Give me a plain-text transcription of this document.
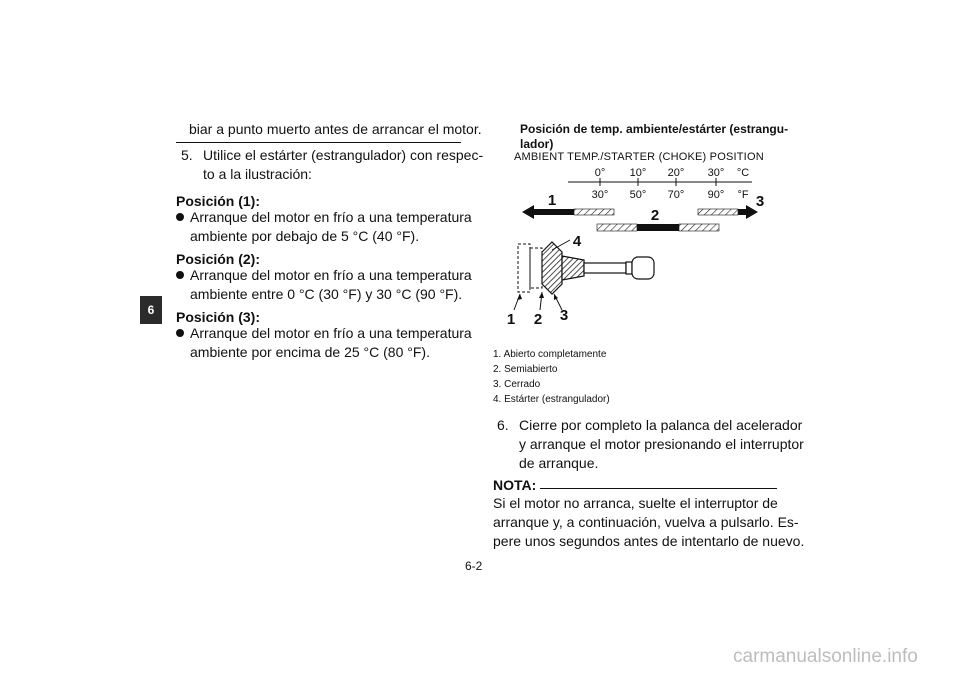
6
biar a punto muerto antes de arrancar el motor.
5. Utilice el estárter (estrangulador) con respec-
to a la ilustración:
Posición (1):
Arranque del motor en frío a una temperatura
ambiente por debajo de 5 °C (40 °F).
Posición (2):
Arranque del motor en frío a una temperatura
ambiente entre 0 °C (30 °F) y 30 °C (90 °F).
Posición (3):
Arranque del motor en frío a una temperatura
ambiente por encima de 25 °C (80 °F).
Posición de temp. ambiente/estárter (estrangu-
lador)
AMBIENT TEMP./STARTER (CHOKE) POSITION
0° 10° 20° 30° °C
30° 50° 70° 90° °F
1
2
3
1 2 3
4
1. Abierto completamente
2. Semiabierto
3. Cerrado
4. Estárter (estrangulador)
6. Cierre por completo la palanca del acelerador
y arranque el motor presionando el interruptor
de arranque.
NOTA:
Si el motor no arranca, suelte el interruptor de
arranque y, a continuación, vuelva a pulsarlo. Es-
pere unos segundos antes de intentarlo de nuevo.
6-2
carmanualsonline.info
